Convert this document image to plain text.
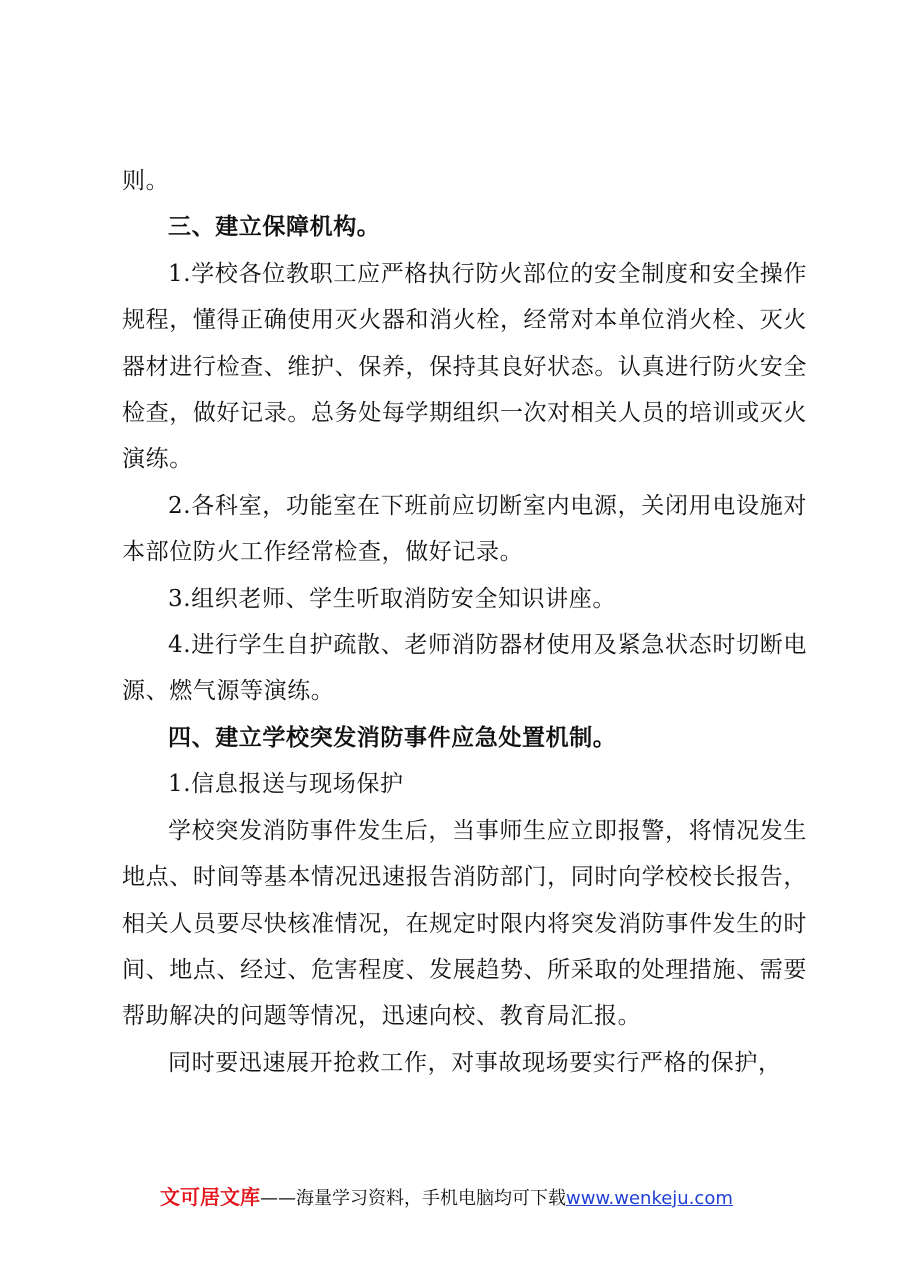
则。

三、建立保障机构。

1.学校各位教职工应严格执行防火部位的安全制度和安全操作规程，懂得正确使用灭火器和消火栓，经常对本单位消火栓、灭火器材进行检查、维护、保养，保持其良好状态。认真进行防火安全检查，做好记录。总务处每学期组织一次对相关人员的培训或灭火演练。

2.各科室，功能室在下班前应切断室内电源，关闭用电设施对本部位防火工作经常检查，做好记录。

3.组织老师、学生听取消防安全知识讲座。

4.进行学生自护疏散、老师消防器材使用及紧急状态时切断电源、燃气源等演练。

四、建立学校突发消防事件应急处置机制。

1.信息报送与现场保护

学校突发消防事件发生后，当事师生应立即报警，将情况发生地点、时间等基本情况迅速报告消防部门，同时向学校校长报告，相关人员要尽快核准情况，在规定时限内将突发消防事件发生的时间、地点、经过、危害程度、发展趋势、所采取的处理措施、需要帮助解决的问题等情况，迅速向校、教育局汇报。

同时要迅速展开抢救工作，对事故现场要实行严格的保护，

文可居文库——海量学习资料，手机电脑均可下载www.wenkeju.com
